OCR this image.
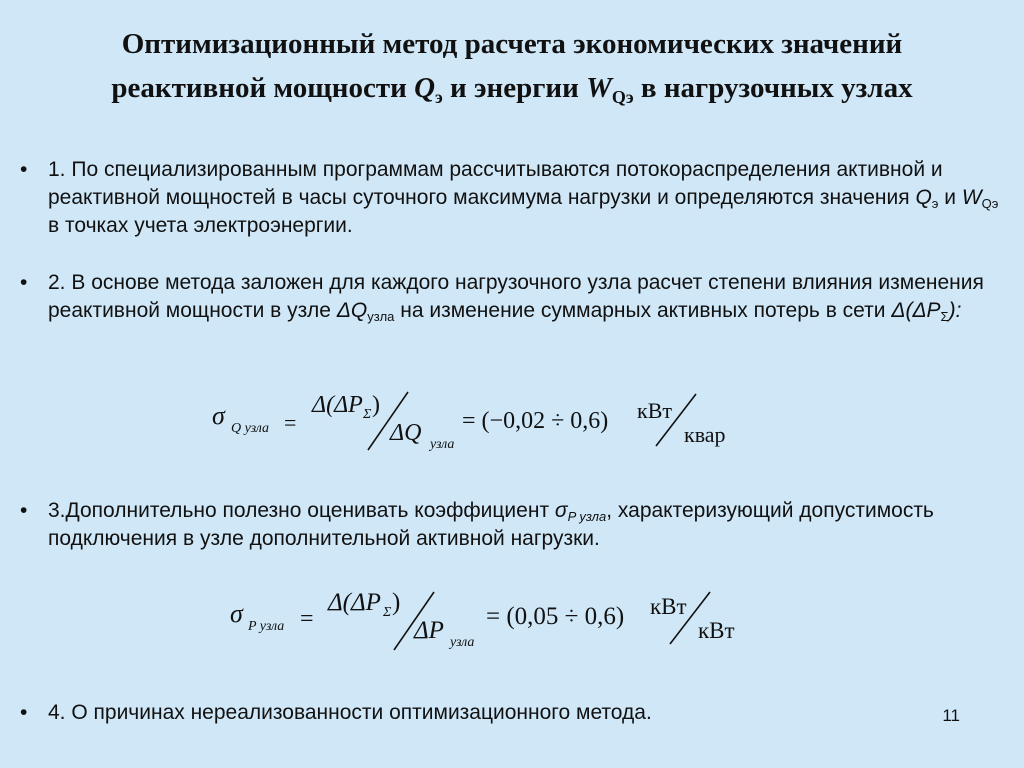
Оптимизационный метод расчета экономических значений
реактивной мощности $Q_э$ и энергии $W_{Qэ}$ в нагрузочных узлах
• 1. По специализированным программам рассчитываются потокораспределения активной и реактивной мощностей в часы суточного максимума нагрузки и определяются значения $Q_э$ и $W_{Qэ}$ в точках учета электроэнергии.
• 2. В основе метода заложен для каждого нагрузочного узла расчет степени влияния изменения реактивной мощности в узле $\Delta Q_{узла}$ на изменение суммарных активных потерь в сети $\Delta(\Delta P_\Sigma)$:
σ Q узла =
Δ(ΔP Σ )
ΔQ узла
= (−0,02 ÷ 0,6) кВт
квар
• 3.Дополнительно полезно оценивать коэффициент $\sigma_{P узла}$, характеризующий допустимость подключения в узле дополнительной активной нагрузки.
σ P узла =
Δ(ΔP Σ )
ΔP узла
= (0,05 ÷ 0,6) кВт
кВт
• 4. О причинах нереализованности оптимизационного метода.	11
